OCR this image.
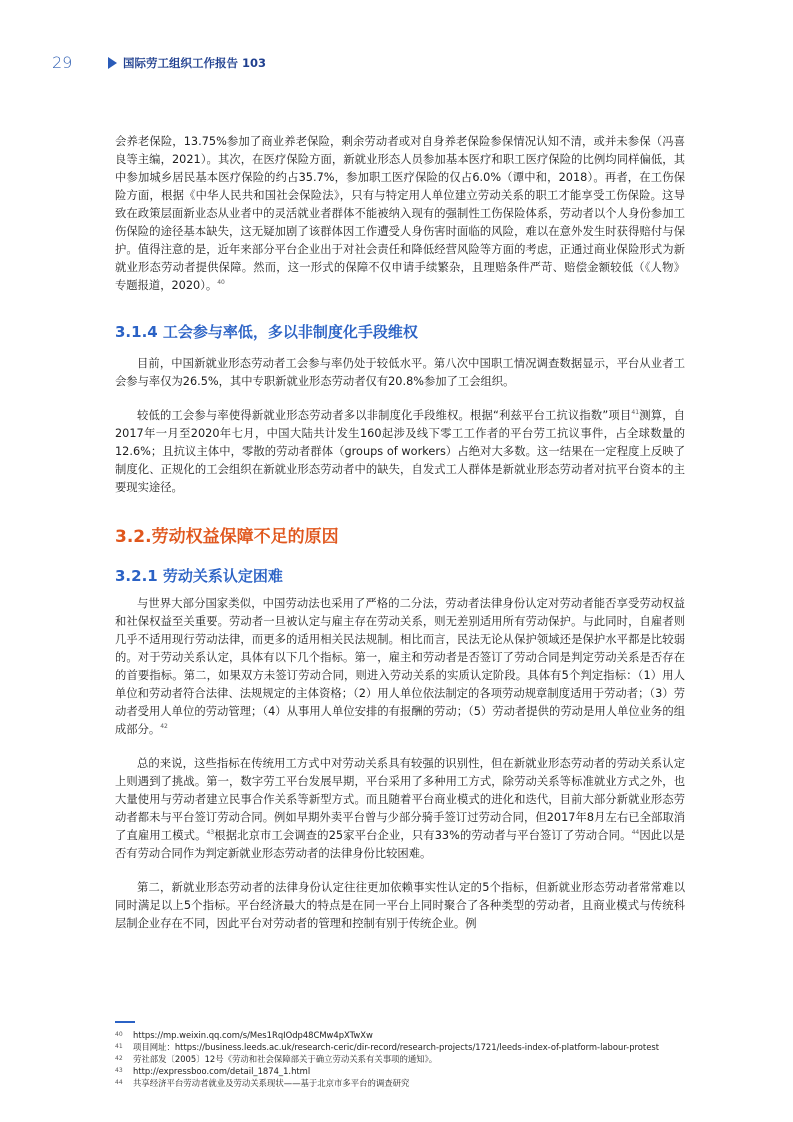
29	国际劳工组织工作报告 103

会养老保险，13.75%参加了商业养老保险，剩余劳动者或对自身养老保险参保情况认知不清，或并未参保（冯喜良等主编，2021）。其次，在医疗保险方面，新就业形态人员参加基本医疗和职工医疗保险的比例均同样偏低，其中参加城乡居民基本医疗保险的约占35.7%，参加职工医疗保险的仅占6.0%（谭中和，2018）。再者，在工伤保险方面，根据《中华人民共和国社会保险法》，只有与特定用人单位建立劳动关系的职工才能享受工伤保险。这导致在政策层面新业态从业者中的灵活就业者群体不能被纳入现有的强制性工伤保险体系，劳动者以个人身份参加工伤保险的途径基本缺失，这无疑加剧了该群体因工作遭受人身伤害时面临的风险，难以在意外发生时获得赔付与保护。值得注意的是，近年来部分平台企业出于对社会责任和降低经营风险等方面的考虑，正通过商业保险形式为新就业形态劳动者提供保障。然而，这一形式的保障不仅申请手续繁杂，且理赔条件严苛、赔偿金额较低（《人物》专题报道，2020）。$^{40}$

3.1.4 工会参与率低，多以非制度化手段维权

目前，中国新就业形态劳动者工会参与率仍处于较低水平。第八次中国职工情况调查数据显示，平台从业者工会参与率仅为26.5%，其中专职新就业形态劳动者仅有20.8%参加了工会组织。

较低的工会参与率使得新就业形态劳动者多以非制度化手段维权。根据“利兹平台工抗议指数”项目$^{41}$测算，自2017年一月至2020年七月，中国大陆共计发生160起涉及线下零工工作者的平台劳工抗议事件，占全球数量的12.6%；且抗议主体中，零散的劳动者群体（groups of workers）占绝对大多数。这一结果在一定程度上反映了制度化、正规化的工会组织在新就业形态劳动者中的缺失，自发式工人群体是新就业形态劳动者对抗平台资本的主要现实途径。

3.2.劳动权益保障不足的原因
3.2.1 劳动关系认定困难

与世界大部分国家类似，中国劳动法也采用了严格的二分法，劳动者法律身份认定对劳动者能否享受劳动权益和社保权益至关重要。劳动者一旦被认定与雇主存在劳动关系，则无差别适用所有劳动保护。与此同时，自雇者则几乎不适用现行劳动法律，而更多的适用相关民法规制。相比而言，民法无论从保护领域还是保护水平都是比较弱的。对于劳动关系认定，具体有以下几个指标。第一，雇主和劳动者是否签订了劳动合同是判定劳动关系是否存在的首要指标。第二，如果双方未签订劳动合同，则进入劳动关系的实质认定阶段。具体有5个判定指标：（1）用人单位和劳动者符合法律、法规规定的主体资格；（2）用人单位依法制定的各项劳动规章制度适用于劳动者；（3）劳动者受用人单位的劳动管理；（4）从事用人单位安排的有报酬的劳动；（5）劳动者提供的劳动是用人单位业务的组成部分。$^{42}$

总的来说，这些指标在传统用工方式中对劳动关系具有较强的识别性，但在新就业形态劳动者的劳动关系认定上则遇到了挑战。第一，数字劳工平台发展早期，平台采用了多种用工方式，除劳动关系等标准就业方式之外，也大量使用与劳动者建立民事合作关系等新型方式。而且随着平台商业模式的进化和迭代，目前大部分新就业形态劳动者都未与平台签订劳动合同。例如早期外卖平台曾与少部分骑手签订过劳动合同，但2017年8月左右已全部取消了直雇用工模式。$^{43}$根据北京市工会调查的25家平台企业，只有33%的劳动者与平台签订了劳动合同。$^{44}$因此以是否有劳动合同作为判定新就业形态劳动者的法律身份比较困难。

第二，新就业形态劳动者的法律身份认定往往更加依赖事实性认定的5个指标，但新就业形态劳动者常常难以同时满足以上5个指标。平台经济最大的特点是在同一平台上同时聚合了各种类型的劳动者，且商业模式与传统科层制企业存在不同，因此平台对劳动者的管理和控制有别于传统企业。例

40	https://mp.weixin.qq.com/s/Mes1RqIOdp48CMw4pXTwXw
41	项目网址：https://business.leeds.ac.uk/research-ceric/dir-record/research-projects/1721/leeds-index-of-platform-labour-protest
42	劳社部发〔2005〕12号《劳动和社会保障部关于确立劳动关系有关事项的通知》。
43	http://expressboo.com/detail_1874_1.html
44	共享经济平台劳动者就业及劳动关系现状——基于北京市多平台的调查研究
